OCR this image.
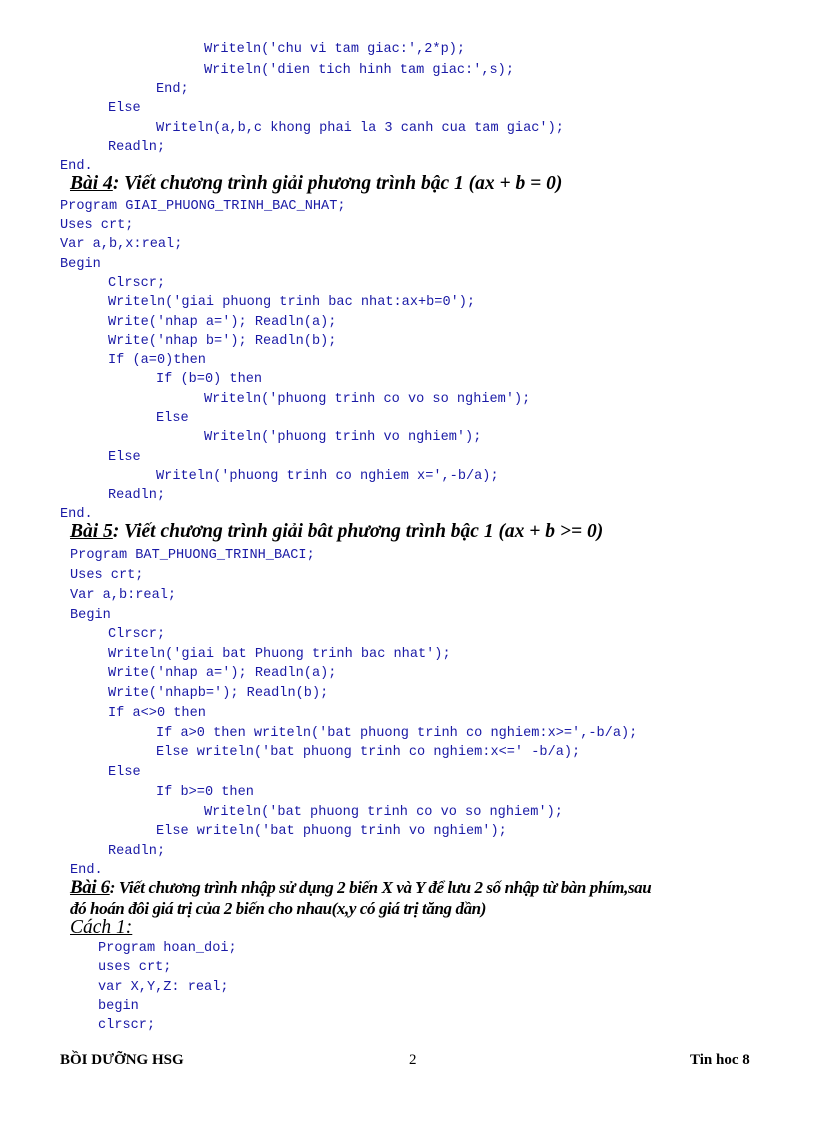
Writeln('chu vi tam giac:',2*p);
Writeln('dien tich hinh tam giac:',s);
End;
Else
Writeln(a,b,c khong phai la 3 canh cua tam giac');
Readln;
End.
Bài 4: Viết chương trình giải phương trình bậc 1 (ax + b = 0)
Program GIAI_PHUONG_TRINH_BAC_NHAT;
Uses crt;
Var a,b,x:real;
Begin
Clrscr;
Writeln('giai phuong trinh bac nhat:ax+b=0');
Write('nhap a='); Readln(a);
Write('nhap b='); Readln(b);
If (a=0)then
If (b=0) then
Writeln('phuong trinh co vo so nghiem');
Else
Writeln('phuong trinh vo nghiem');
Else
Writeln('phuong trinh co nghiem x=',-b/a);
Readln;
End.
Bài 5: Viết chương trình giải bât phương trình bậc 1 (ax + b >= 0)
Program BAT_PHUONG_TRINH_BACI;
Uses crt;
Var a,b:real;
Begin
Clrscr;
Writeln('giai bat Phuong trinh bac nhat');
Write('nhap a='); Readln(a);
Write('nhapb='); Readln(b);
If a<>0 then
If a>0 then writeln('bat phuong trinh co nghiem:x>=',-b/a);
Else writeln('bat phuong trinh co nghiem:x<=' -b/a);
Else
If b>=0 then
Writeln('bat phuong trinh co vo so nghiem');
Else writeln('bat phuong trinh vo nghiem');
Readln;
End.
Bài 6: Viết chương trình nhập sử dụng 2 biến X và Y để lưu 2 số nhập từ bàn phím,sau
đó hoán đôi giá trị của 2 biến cho nhau(x,y có giá trị tăng dần)
Cách 1:
Program hoan_doi;
uses crt;
var X,Y,Z: real;
begin
clrscr;
BỒI DƯỠNG HSG	2	Tin hoc 8
